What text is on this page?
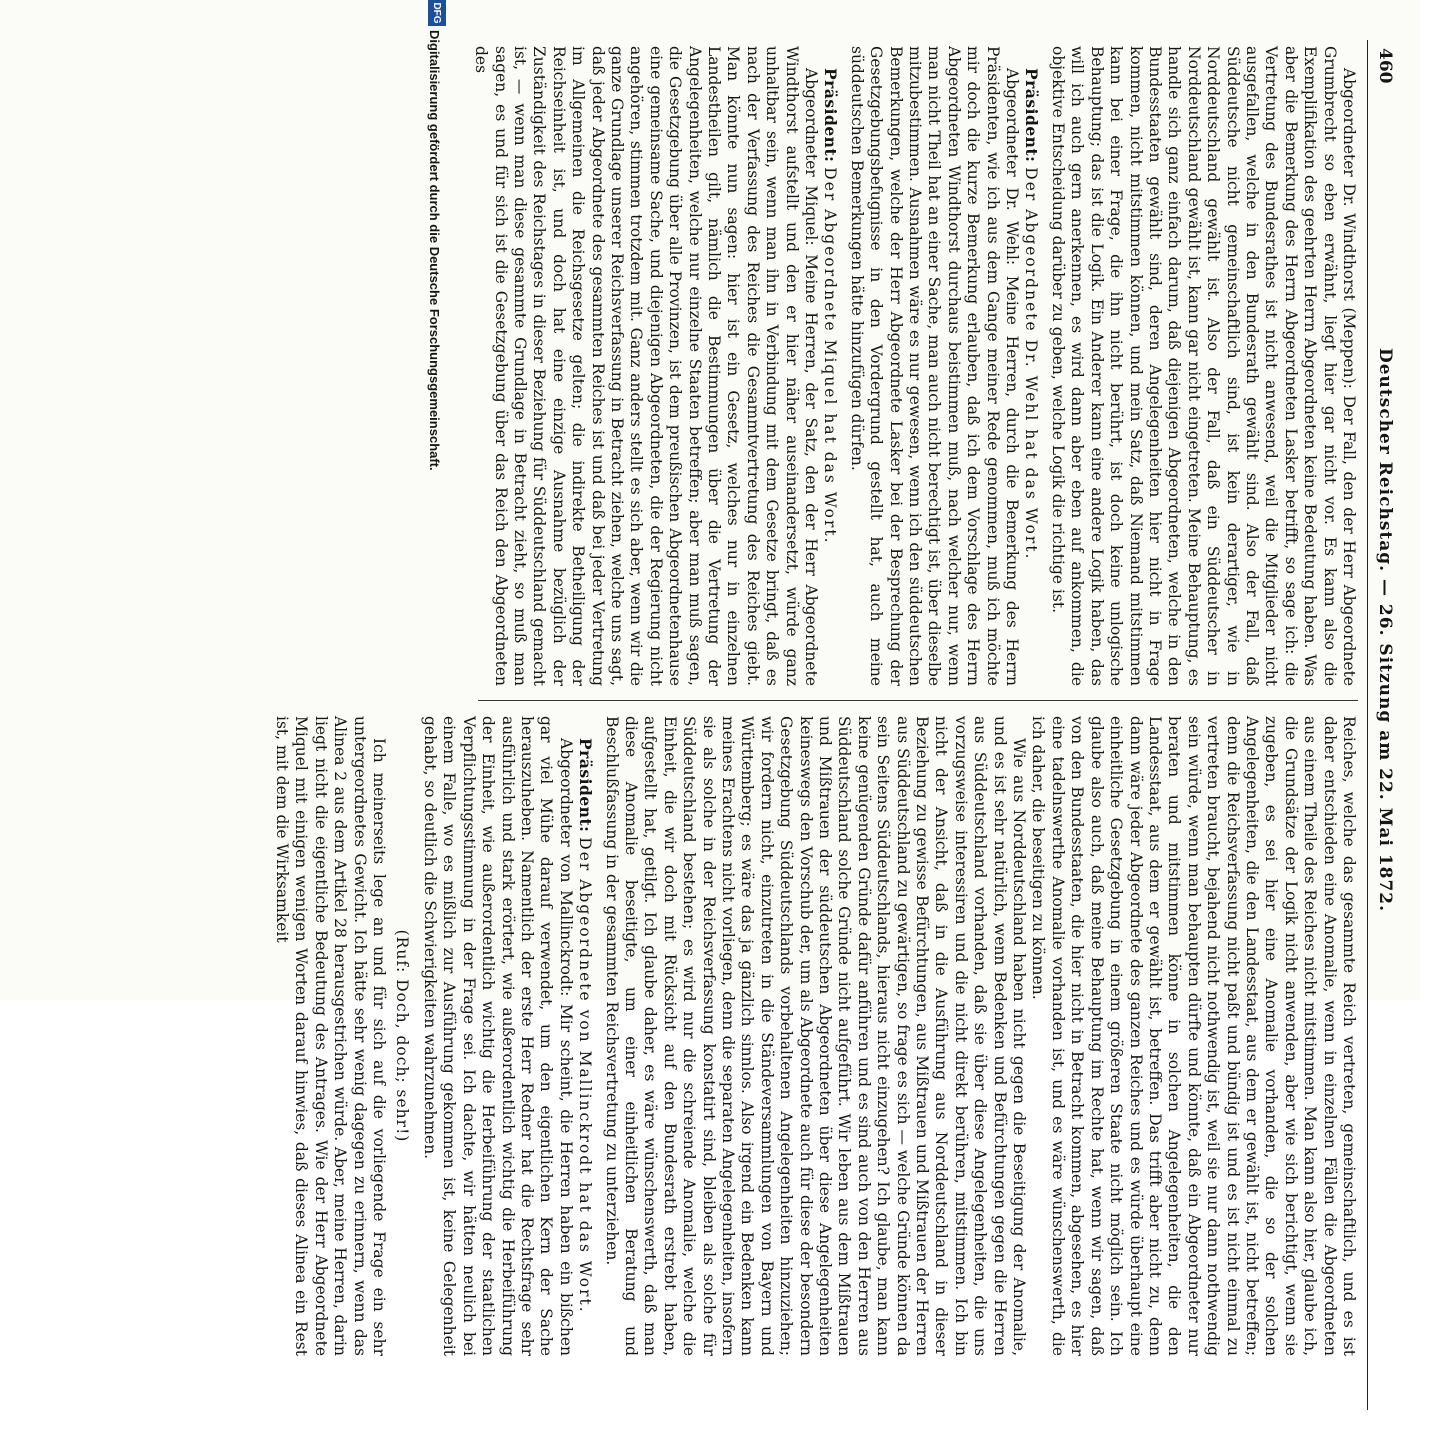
460
Deutscher Reichstag. — 26. Sitzung am 22. Mai 1872.

Abgeordneter Dr. Windthorst (Meppen): Der Fall, den der Herr Abgeordnete Grumbrecht so eben erwähnt, liegt hier gar nicht vor. Es kann also die Exemplifikation des geehrten Herrn Abgeordneten keine Bedeutung haben. Was aber die Bemerkung des Herrn Abgeordneten Lasker betrifft, so sage ich: die Vertretung des Bundesrathes ist nicht anwesend, weil die Mitglieder nicht ausgefallen, welche in den Bundesrath gewählt sind. Also der Fall, daß Süddeutsche nicht gemeinschaftlich sind, ist kein derartiger, wie in Norddeutschland gewählt ist. Also der Fall, daß ein Süddeutscher in Norddeutschland gewählt ist, kann gar nicht eingetreten. Meine Behauptung, es handle sich ganz einfach darum, daß diejenigen Abgeordneten, welche in den Bundesstaaten gewählt sind, deren Angelegenheiten hier nicht in Frage kommen, nicht mitstimmen können, und mein Satz, daß Niemand mitstimmen kann bei einer Frage, die ihn nicht berührt, ist doch keine unlogische Behauptung; das ist die Logik. Ein Anderer kann eine andere Logik haben, das will ich auch gern anerkennen, es wird dann aber eben auf ankommen, die objektive Entscheidung darüber zu geben, welche Logik die richtige ist.

Präsident: Der Abgeordnete Dr. Wehl hat das Wort.

Abgeordneter Dr. Wehl: Meine Herren, durch die Bemerkung des Herrn Präsidenten, wie ich aus dem Gange meiner Rede genommen, muß ich möchte mir doch die kurze Bemerkung erlauben, daß ich dem Vorschlage des Herrn Abgeordneten Windthorst durchaus beistimmen muß, nach welcher nur, wenn man nicht Theil hat an einer Sache, man auch nicht berechtigt ist, über dieselbe mitzubestimmen. Ausnahmen wäre es nur gewesen, wenn ich den süddeutschen Bemerkungen, welche der Herr Abgeordnete Lasker bei der Besprechung der Gesetzgebungsbefugnisse in den Vordergrund gestellt hat, auch meine süddeutschen Bemerkungen hätte hinzufügen dürfen.

Präsident: Der Abgeordnete Miquel hat das Wort.

Abgeordneter Miquel: Meine Herren, der Satz, den der Herr Abgeordnete Windthorst aufstellt und den er hier näher auseinandersetzt, würde ganz unhaltbar sein, wenn man ihn in Verbindung mit dem Gesetze bringt, daß es nach der Verfassung des Reiches die Gesammtvertretung des Reiches giebt. Man könnte nun sagen: hier ist ein Gesetz, welches nur in einzelnen Landestheilen gilt, nämlich die Bestimmungen über die Vertretung der Angelegenheiten, welche nur einzelne Staaten betreffen; aber man muß sagen, die Gesetzgebung über alle Provinzen, ist dem preußischen Abgeordnetenhause eine gemeinsame Sache, und diejenigen Abgeordneten, die der Regierung nicht angehören, stimmen trotzdem mit. Ganz anders stellt es sich aber, wenn wir die ganze Grundlage unserer Reichsverfassung in Betracht ziehen, welche uns sagt, daß jeder Abgeordnete des gesammten Reiches ist und daß bei jeder Vertretung im Allgemeinen die Reichsgesetze gelten; die indirekte Betheiligung der Reichseinheit ist, und doch hat eine einzige Ausnahme bezüglich der Zuständigkeit des Reichstages in dieser Beziehung für Süddeutschland gemacht ist, — wenn man diese gesammte Grundlage in Betracht zieht, so muß man sagen, es und für sich ist die Gesetzgebung über das Reich den Abgeordneten des

Reiches, welche das gesammte Reich vertreten, gemeinschaftlich, und es ist daher entschieden eine Anomalie, wenn in einzelnen Fällen die Abgeordneten aus einem Theile des Reiches nicht mitstimmen. Man kann also hier, glaube ich, die Grundsätze der Logik nicht anwenden, aber wie sich berichtigt, wenn sie zugeben, es sei hier eine Anomalie vorhanden, die so der solchen Angelegenheiten, die den Landesstaat, aus dem er gewählt ist, nicht betreffen; denn die Reichsverfassung nicht paßt und bündig ist und es ist nicht einmal zu vertreten braucht, bejahend nicht nothwendig ist, weil sie nur dann nothwendig sein würde, wenn man behaupten dürfte und könnte, daß ein Abgeordneter nur beraten und mitstimmen könne in solchen Angelegenheiten, die den Landesstaat, aus dem er gewählt ist, betreffen. Das trifft aber nicht zu, denn dann wäre jeder Abgeordnete des ganzen Reiches und es würde überhaupt eine einheitliche Gesetzgebung in einem größeren Staate nicht möglich sein. Ich glaube also auch, daß meine Behauptung im Rechte hat, wenn wir sagen, daß von den Bundesstaaten, die hier nicht in Betracht kommen, abgesehen, es hier eine tadelnswerthe Anomalie vorhanden ist, und es wäre wünschenswerth, die ich daher, die beseitigen zu können.

Wie aus Norddeutschland haben nicht gegen die Beseitigung der Anomalie, und es ist sehr natürlich, wenn Bedenken und Befürchtungen gegen die Herren aus Süddeutschland vorhanden, daß sie über diese Angelegenheiten, die uns vorzugsweise interessiren und die nicht direkt berühren, mitstimmen. Ich bin nicht der Ansicht, daß in die Ausführung aus Norddeutschland in dieser Beziehung zu gewisse Befürchtungen, aus Mißtrauen und Mißtrauen der Herren aus Süddeutschland zu gewärtigen, so frage es sich — welche Gründe können da sein Seitens Süddeutschlands, hieraus nicht einzugehen? Ich glaube, man kann keine genügenden Gründe dafür anführen und es sind auch von den Herren aus Süddeutschland solche Gründe nicht aufgeführt. Wir leben aus dem Mißtrauen und Mißtrauen der süddeutschen Abgeordneten über diese Angelegenheiten keineswegs den Vorschub der, um als Abgeordnete auch für diese der besondern Gesetzgebung Süddeutschlands vorbehaltenen Angelegenheiten hinzuziehen; wir fordern nicht, einzutreten in die Ständeversammlungen von Bayern und Württemberg; es wäre das ja gänzlich sinnlos. Also irgend ein Bedenken kann meines Erachtens nicht vorliegen, denn die separaten Angelegenheiten, insofern sie als solche in der Reichsverfassung konstatirt sind, bleiben als solche für Süddeutschland bestehen; es wird nur die schreiende Anomalie, welche die Einheit, die wir doch mit Rücksicht auf den Bundesrath erstrebt haben, aufgestellt hat, getilgt. Ich glaube daher, es wäre wünschenswerth, daß man diese Anomalie beseitigte, um einer einheitlichen Beratung und Beschlußfassung in der gesammten Reichsvertretung zu unterziehen.

Präsident: Der Abgeordnete von Mallinckrodt hat das Wort.

Abgeordneter von Mallinckrodt: Mir scheint, die Herren haben ein bißchen gar viel Mühe darauf verwendet, um den eigentlichen Kern der Sache herauszuheben. Namentlich der erste Herr Redner hat die Rechtsfrage sehr ausführlich und stark erörtert, wie außerordentlich wichtig die Herbeiführung der Einheit, wie außerordentlich wichtig die Herbeiführung der staatlichen Verpflichtungsstimmung in der Frage sei. Ich dachte, wir hätten neulich bei einem Falle, wo es mißlich zur Ausführung gekommen ist, keine Gelegenheit gehabt, so deutlich die Schwierigkeiten wahrzunehmen.

(Ruf: Doch, doch; sehr!)

Ich meinerseits lege an und für sich auf die vorliegende Frage ein sehr untergeordnetes Gewicht. Ich hätte sehr wenig dagegen zu erinnern, wenn das Alinea 2 aus dem Artikel 28 herausgestrichen würde. Aber, meine Herren, darin liegt nicht die eigentliche Bedeutung des Antrages. Wie der Herr Abgeordnete Miquel mit einigen wenigen Worten darauf hinwies, daß dieses Alinea ein Rest ist, mit dem die Wirksamkeit

DFG
Digitalisierung gefördert durch die Deutsche Forschungsgemeinschaft.
